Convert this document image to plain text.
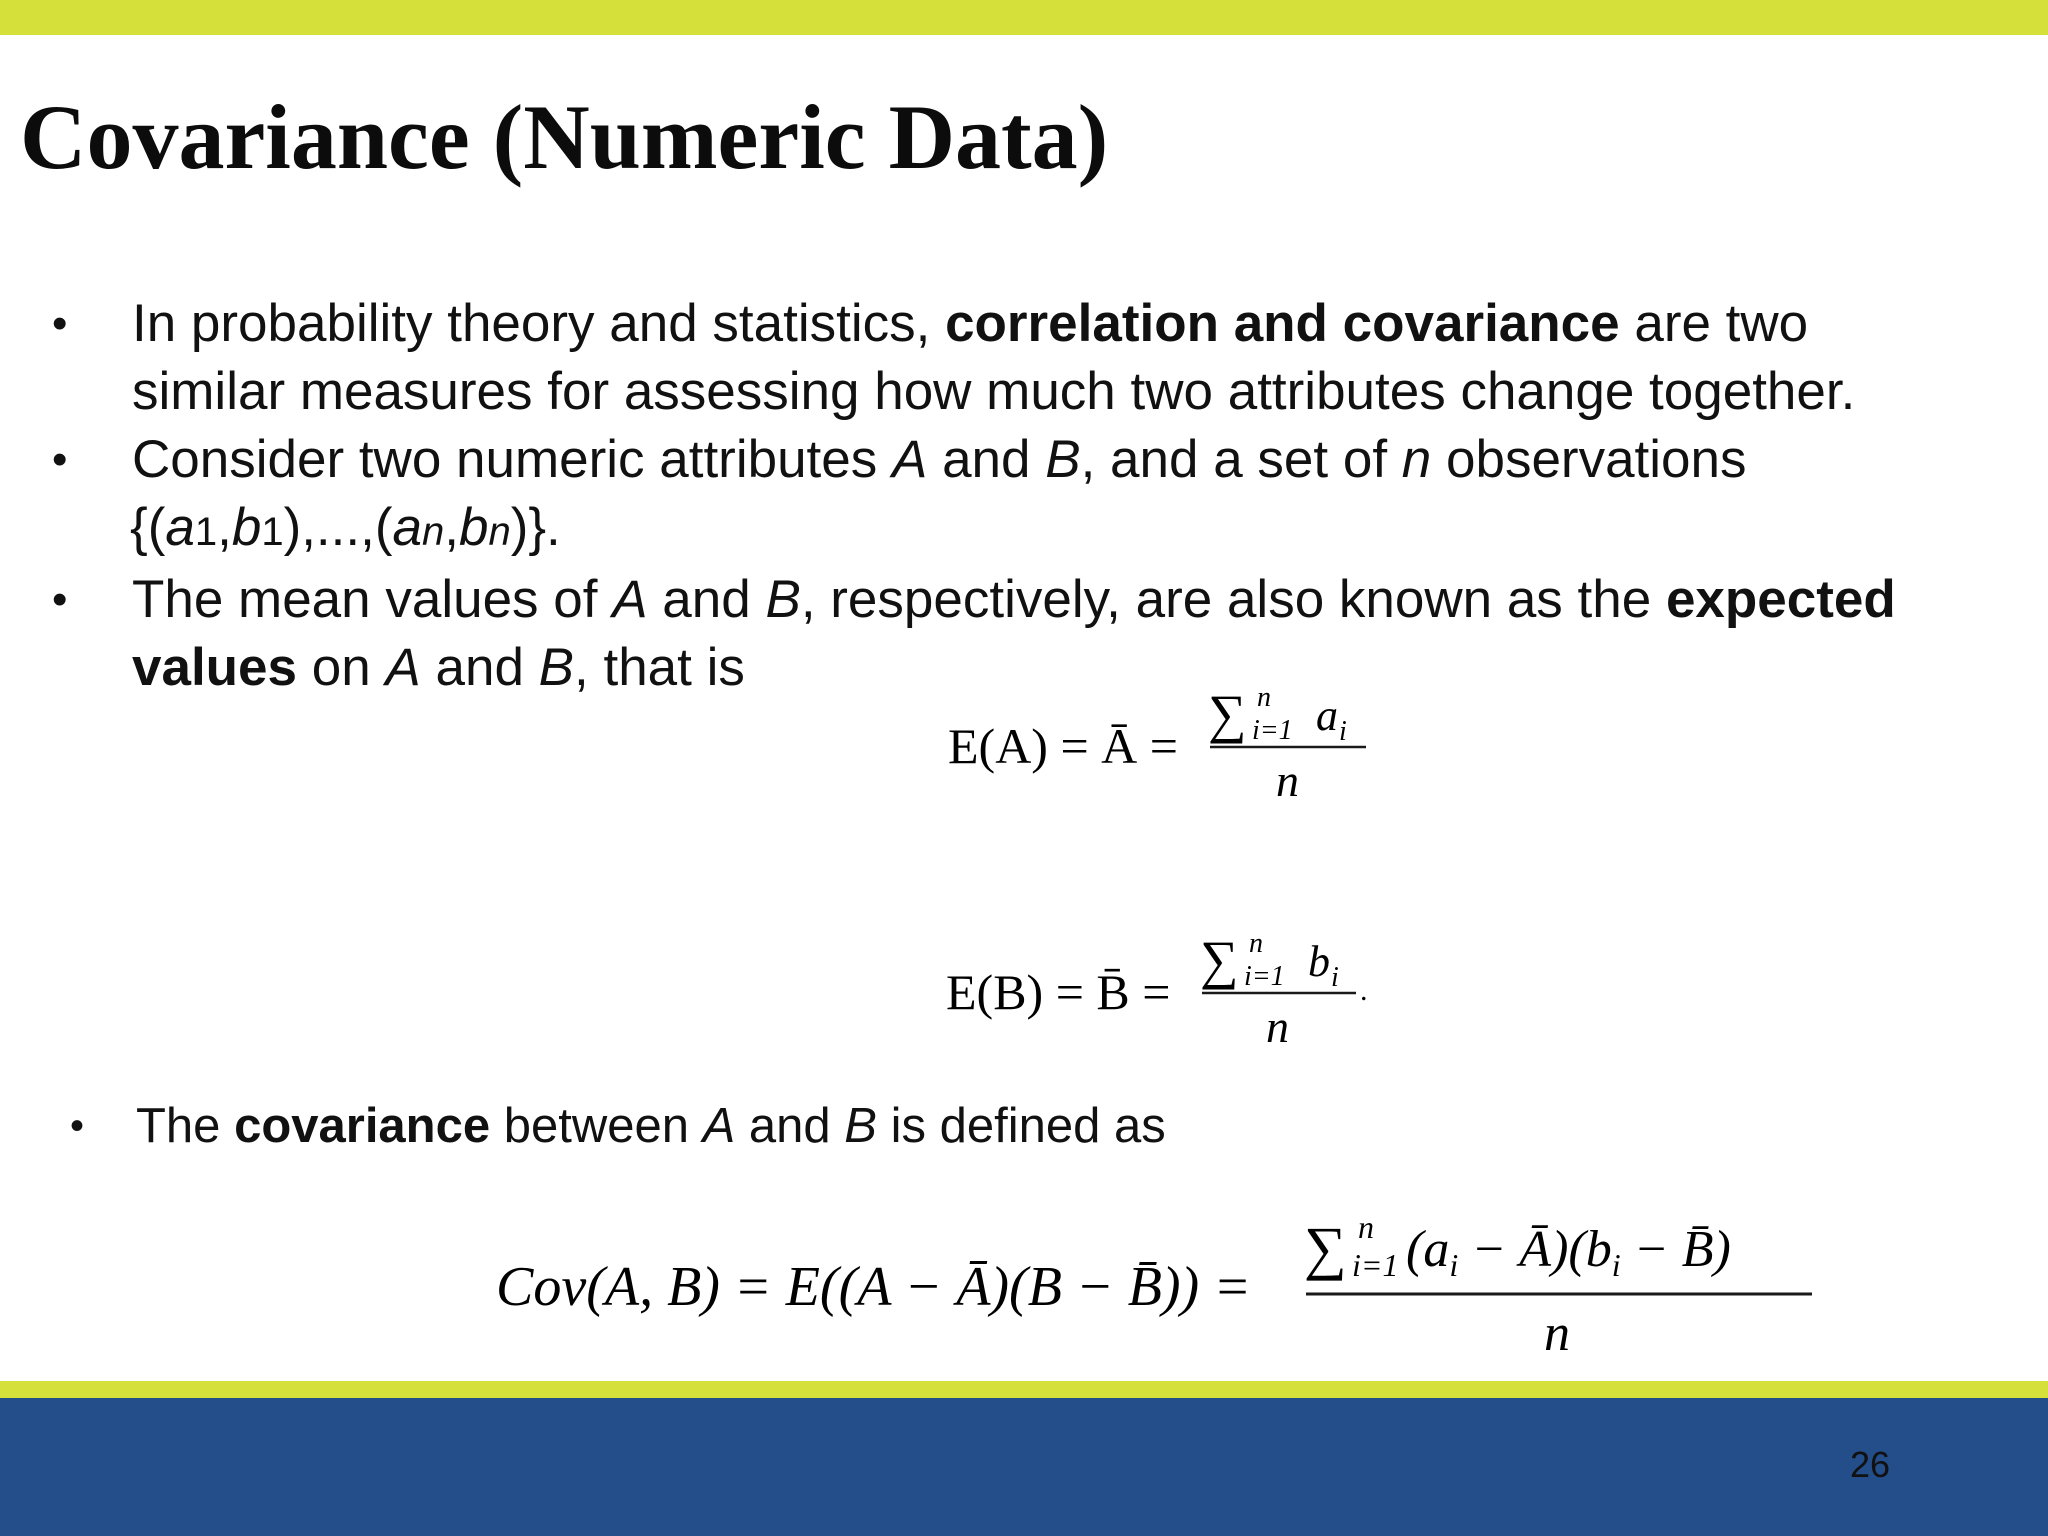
Covariance (Numeric Data)
• In probability theory and statistics, correlation and covariance are two
similar measures for assessing how much two attributes change together.
• Consider two numeric attributes A and B, and a set of n observations
{(a1,b1),...,(an,bn)}.
• The mean values of A and B, respectively, are also known as the expected
values on A and B, that is
E(A) = Ā =
∑ n
i=1 a i
n
E(B) = B̄ =
∑ n
i=1 b i .
n
• The covariance between A and B is defined as
Cov(A, B) = E((A − Ā)(B − B̄)) =
∑ n
i=1 (ai − Ā)(bi − B̄)
n
26
